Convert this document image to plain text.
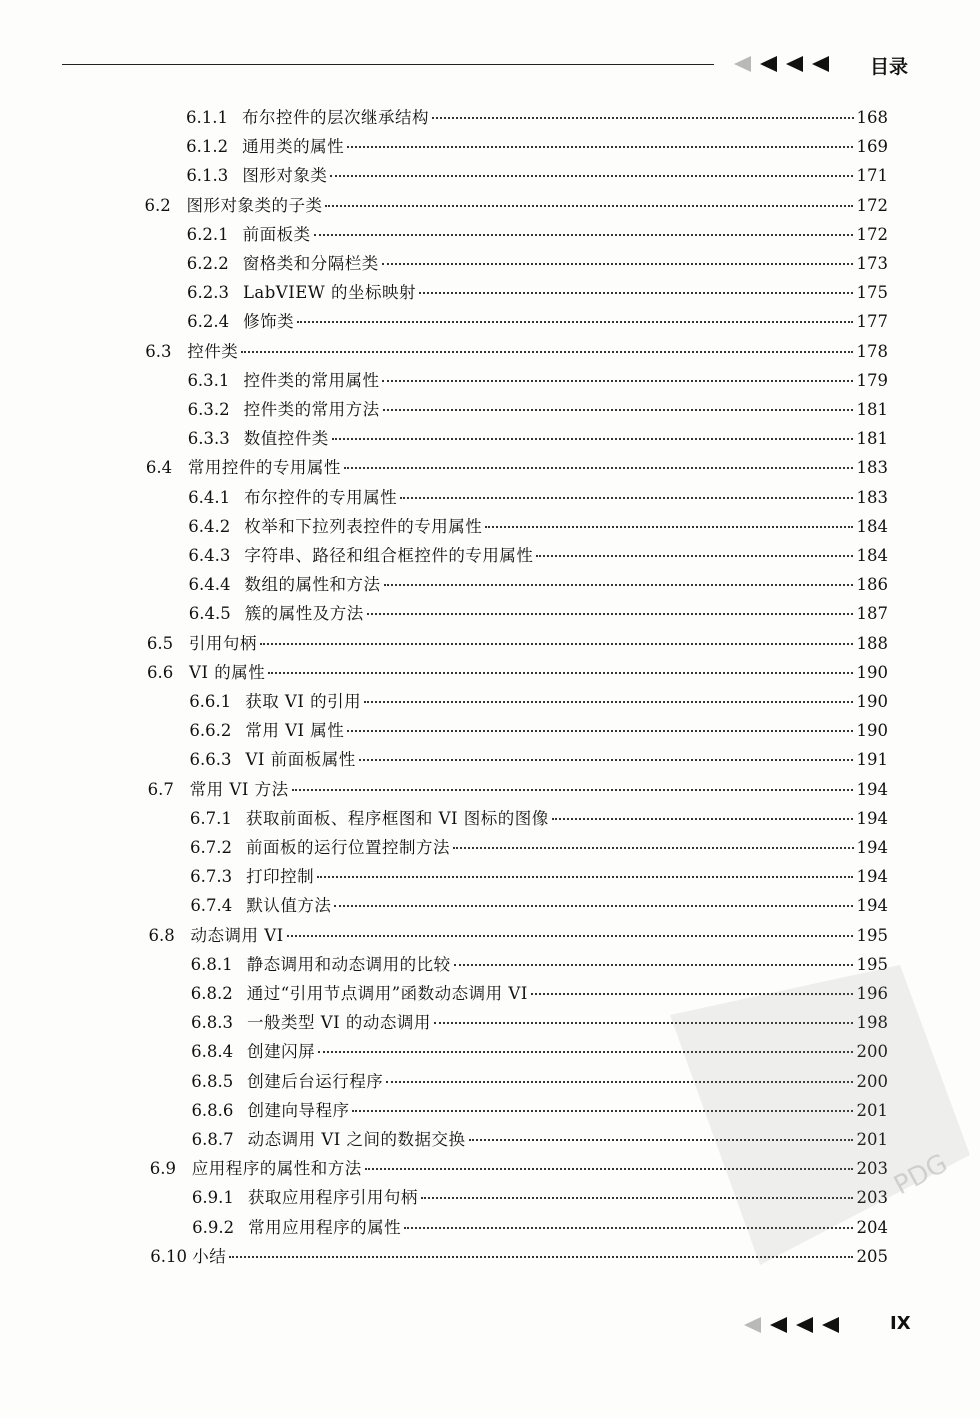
目录
6.1.1 布尔控件的层次继承结构	168
6.1.2 通用类的属性	169
6.1.3 图形对象类	171
6.2 图形对象类的子类	172
6.2.1 前面板类	172
6.2.2 窗格类和分隔栏类	173
6.2.3 LabVIEW 的坐标映射	175
6.2.4 修饰类	177
6.3 控件类	178
6.3.1 控件类的常用属性	179
6.3.2 控件类的常用方法	181
6.3.3 数值控件类	181
6.4 常用控件的专用属性	183
6.4.1 布尔控件的专用属性	183
6.4.2 枚举和下拉列表控件的专用属性	184
6.4.3 字符串、路径和组合框控件的专用属性	184
6.4.4 数组的属性和方法	186
6.4.5 簇的属性及方法	187
6.5 引用句柄	188
6.6 VI 的属性	190
6.6.1 获取 VI 的引用	190
6.6.2 常用 VI 属性	190
6.6.3 VI 前面板属性	191
6.7 常用 VI 方法	194
6.7.1 获取前面板、程序框图和 VI 图标的图像	194
6.7.2 前面板的运行位置控制方法	194
6.7.3 打印控制	194
6.7.4 默认值方法	194
6.8 动态调用 VI	195
6.8.1 静态调用和动态调用的比较	195
6.8.2 通过“引用节点调用”函数动态调用 VI	196
6.8.3 一般类型 VI 的动态调用	198
6.8.4 创建闪屏	200
6.8.5 创建后台运行程序	200
6.8.6 创建向导程序	201
6.8.7 动态调用 VI 之间的数据交换	201
6.9 应用程序的属性和方法	203
6.9.1 获取应用程序引用句柄	203
6.9.2 常用应用程序的属性	204
6.10 小结	205
PDG
IX
